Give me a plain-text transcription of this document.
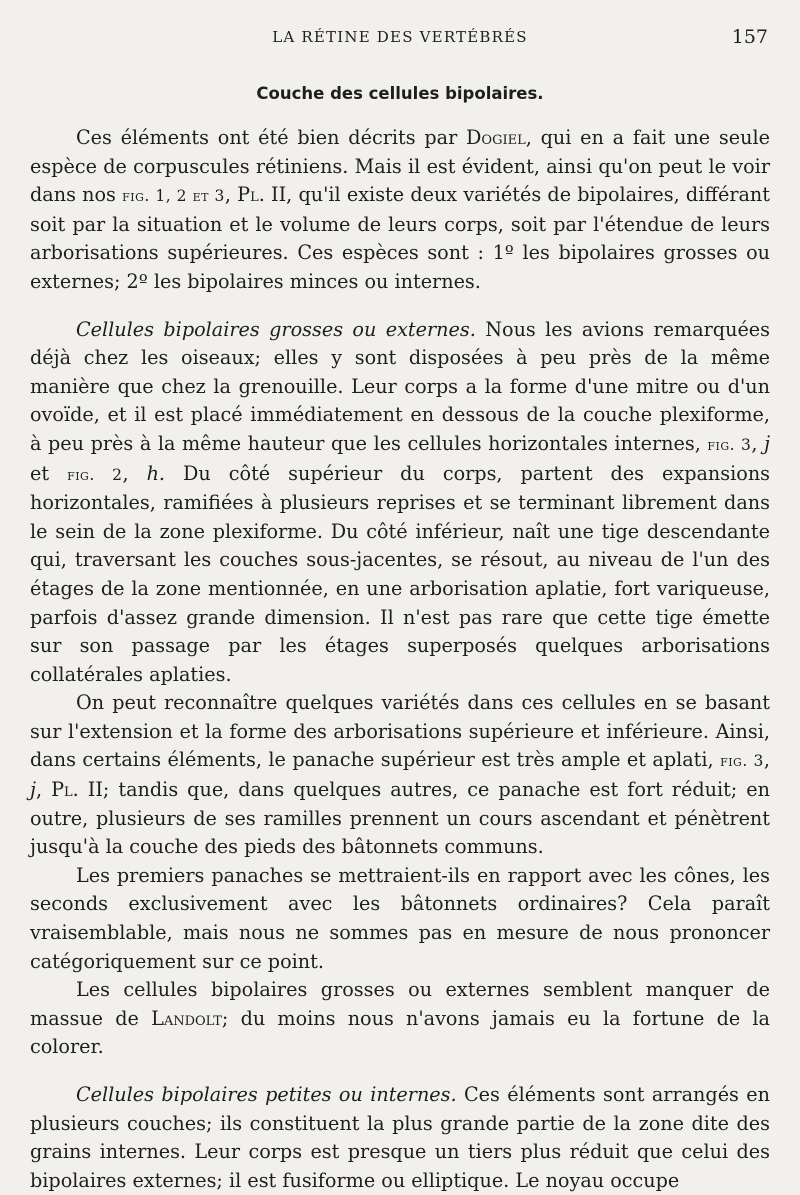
LA RÉTINE DES VERTÉBRÉS	157
Couche des cellules bipolaires.

Ces éléments ont été bien décrits par Dogiel, qui en a fait une seule espèce de corpuscules rétiniens. Mais il est évident, ainsi qu'on peut le voir dans nos fig. 1, 2 et 3, Pl. II, qu'il existe deux variétés de bipolaires, différant soit par la situation et le volume de leurs corps, soit par l'étendue de leurs arborisations supérieures. Ces espèces sont : 1º les bipolaires grosses ou externes; 2º les bipolaires minces ou internes.

Cellules bipolaires grosses ou externes. Nous les avions remarquées déjà chez les oiseaux; elles y sont disposées à peu près de la même manière que chez la grenouille. Leur corps a la forme d'une mitre ou d'un ovoïde, et il est placé immédiatement en dessous de la couche plexiforme, à peu près à la même hauteur que les cellules horizontales internes, fig. 3, j et fig. 2, h. Du côté supérieur du corps, partent des expansions horizontales, ramifiées à plusieurs reprises et se terminant librement dans le sein de la zone plexiforme. Du côté inférieur, naît une tige descendante qui, traversant les couches sous-jacentes, se résout, au niveau de l'un des étages de la zone mentionnée, en une arborisation aplatie, fort variqueuse, parfois d'assez grande dimension. Il n'est pas rare que cette tige émette sur son passage par les étages superposés quelques arborisations collatérales aplaties.

On peut reconnaître quelques variétés dans ces cellules en se basant sur l'extension et la forme des arborisations supérieure et inférieure. Ainsi, dans certains éléments, le panache supérieur est très ample et aplati, fig. 3, j, Pl. II; tandis que, dans quelques autres, ce panache est fort réduit; en outre, plusieurs de ses ramilles prennent un cours ascendant et pénètrent jusqu'à la couche des pieds des bâtonnets communs.

Les premiers panaches se mettraient-ils en rapport avec les cônes, les seconds exclusivement avec les bâtonnets ordinaires? Cela paraît vraisemblable, mais nous ne sommes pas en mesure de nous prononcer catégoriquement sur ce point.

Les cellules bipolaires grosses ou externes semblent manquer de massue de Landolt; du moins nous n'avons jamais eu la fortune de la colorer.

Cellules bipolaires petites ou internes. Ces éléments sont arrangés en plusieurs couches; ils constituent la plus grande partie de la zone dite des grains internes. Leur corps est presque un tiers plus réduit que celui des bipolaires externes; il est fusiforme ou elliptique. Le noyau occupe
